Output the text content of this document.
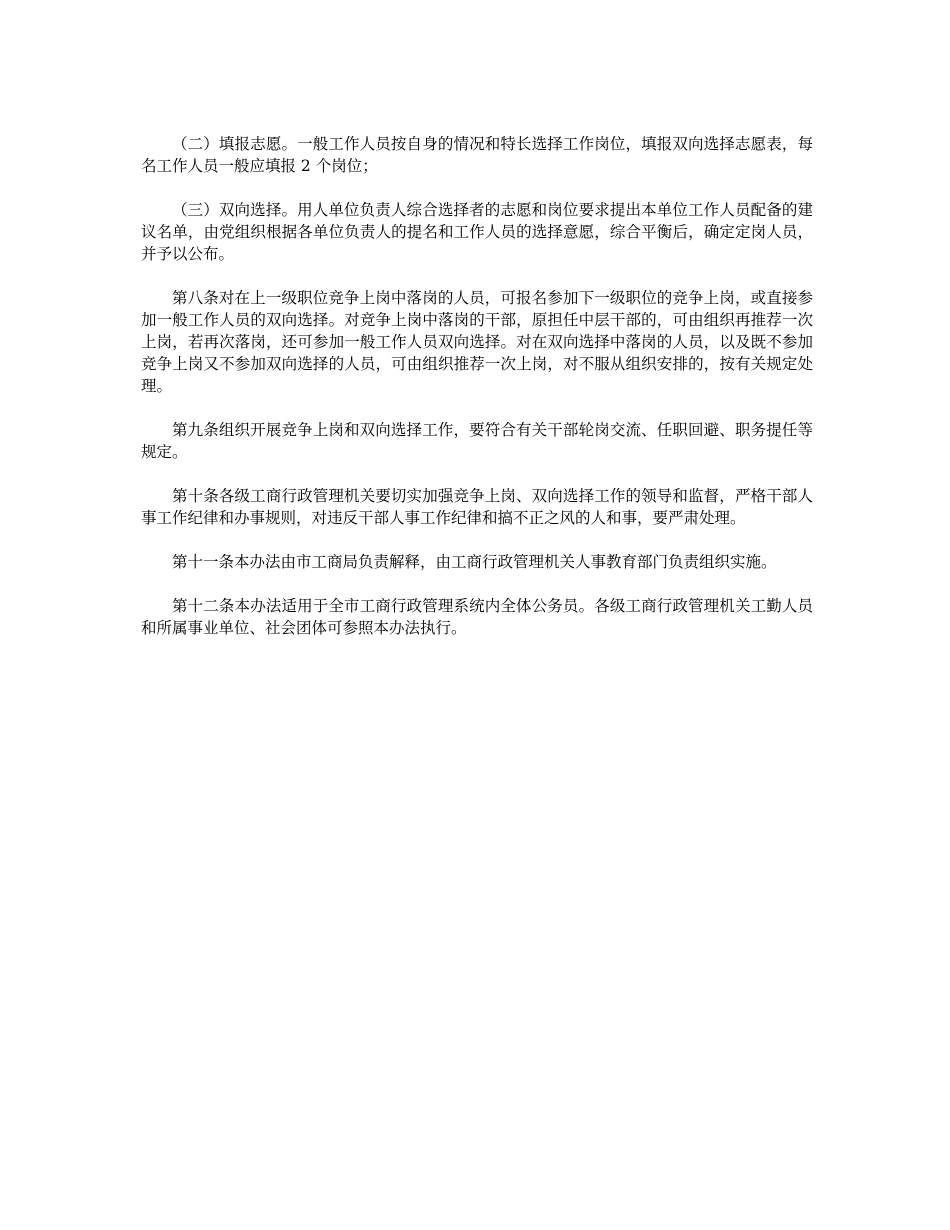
（二）填报志愿。一般工作人员按自身的情况和特长选择工作岗位，填报双向选择志愿表，每名工作人员一般应填报 2 个岗位；

（三）双向选择。用人单位负责人综合选择者的志愿和岗位要求提出本单位工作人员配备的建议名单，由党组织根据各单位负责人的提名和工作人员的选择意愿，综合平衡后，确定定岗人员，并予以公布。

第八条对在上一级职位竞争上岗中落岗的人员，可报名参加下一级职位的竞争上岗，或直接参加一般工作人员的双向选择。对竞争上岗中落岗的干部，原担任中层干部的，可由组织再推荐一次上岗，若再次落岗，还可参加一般工作人员双向选择。对在双向选择中落岗的人员，以及既不参加竞争上岗又不参加双向选择的人员，可由组织推荐一次上岗，对不服从组织安排的，按有关规定处理。

第九条组织开展竞争上岗和双向选择工作，要符合有关干部轮岗交流、任职回避、职务提任等规定。

第十条各级工商行政管理机关要切实加强竞争上岗、双向选择工作的领导和监督，严格干部人事工作纪律和办事规则，对违反干部人事工作纪律和搞不正之风的人和事，要严肃处理。

第十一条本办法由市工商局负责解释，由工商行政管理机关人事教育部门负责组织实施。

第十二条本办法适用于全市工商行政管理系统内全体公务员。各级工商行政管理机关工勤人员和所属事业单位、社会团体可参照本办法执行。
